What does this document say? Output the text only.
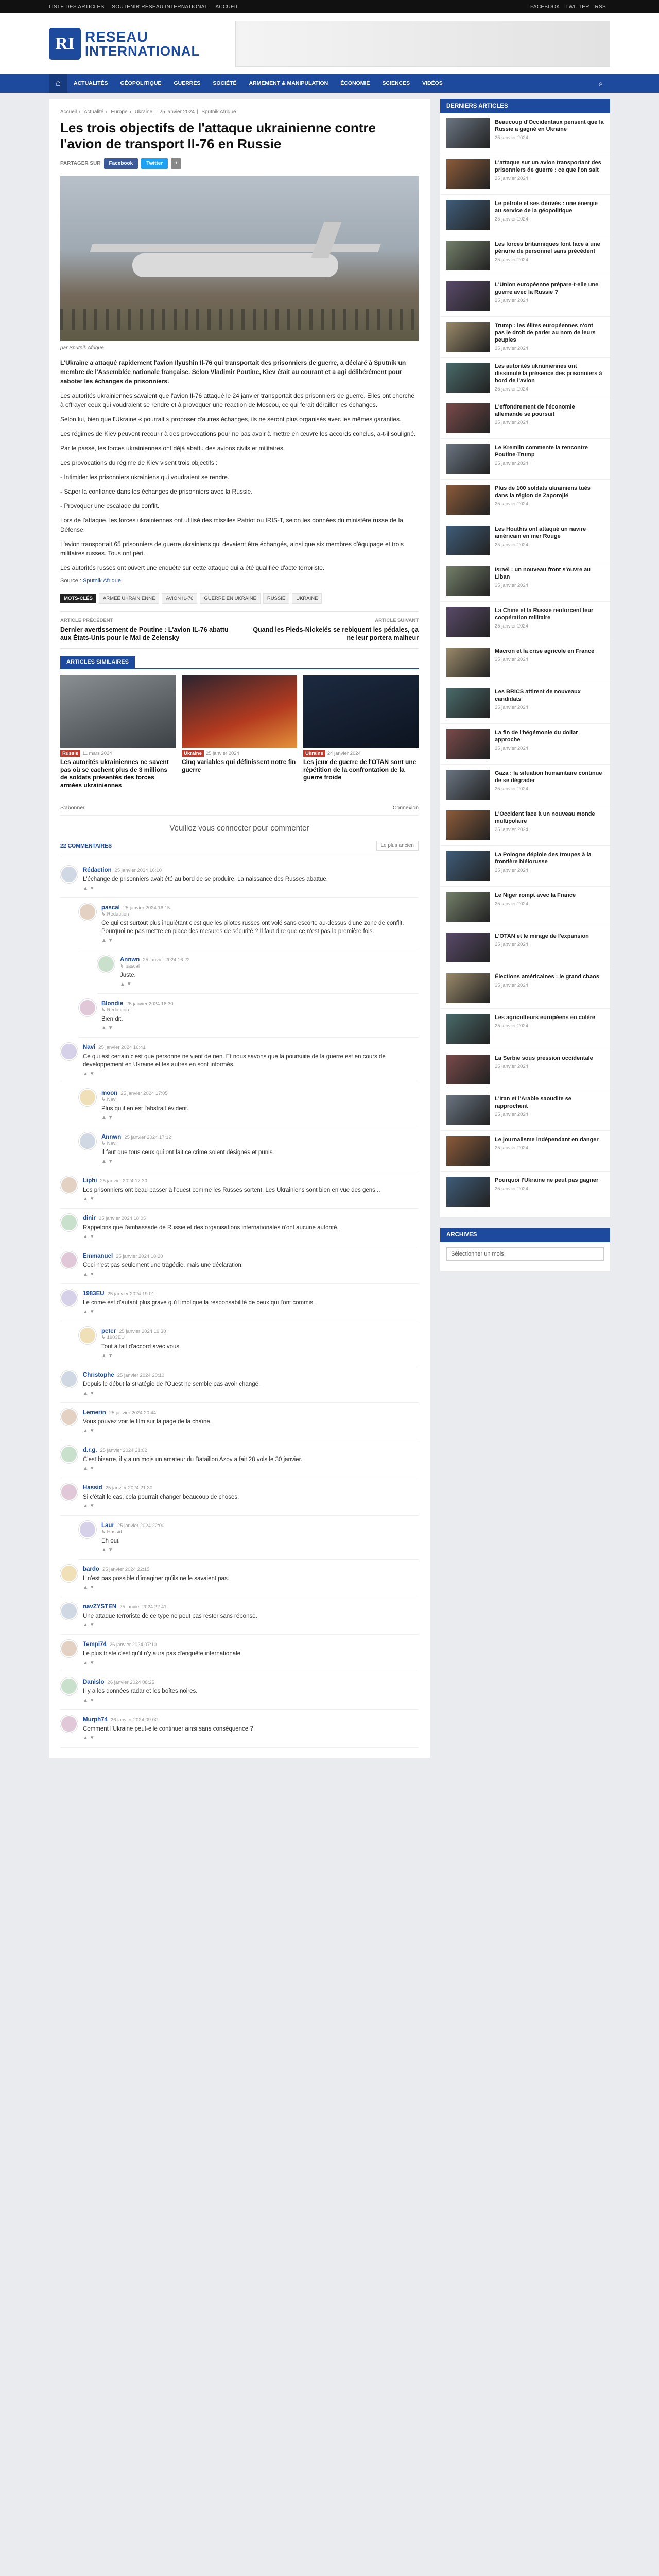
LISTE DES ARTICLES SOUTENIR RÉSEAU INTERNATIONAL ACCUEIL	FACEBOOK TWITTER RSS
RI RESEAU
INTERNATIONAL
⌂	ACTUALITÉS	GÉOPOLITIQUE	GUERRES	SOCIÉTÉ	ARMEMENT & MANIPULATION	ÉCONOMIE	SCIENCES	VIDÉOS	⌕
Accueil › Actualité › Europe › Ukraine | 25 janvier 2024 | Sputnik Afrique
Les trois objectifs de l'attaque ukrainienne contre l'avion de transport Il-76 en Russie
PARTAGER SUR	Facebook	Twitter	+
par Sputnik Afrique

L'Ukraine a attaqué rapidement l'avion Ilyushin Il-76 qui transportait des prisonniers de guerre, a déclaré à Sputnik un membre de l'Assemblée nationale française. Selon Vladimir Poutine, Kiev était au courant et a agi délibérément pour saboter les échanges de prisonniers.

Les autorités ukrainiennes savaient que l'avion Il-76 attaqué le 24 janvier transportait des prisonniers de guerre. Elles ont cherché à effrayer ceux qui voudraient se rendre et à provoquer une réaction de Moscou, ce qui ferait dérailler les échanges.

Selon lui, bien que l'Ukraine « pourrait » proposer d'autres échanges, ils ne seront plus organisés avec les mêmes garanties.

Les régimes de Kiev peuvent recourir à des provocations pour ne pas avoir à mettre en œuvre les accords conclus, a-t-il souligné.

Par le passé, les forces ukrainiennes ont déjà abattu des avions civils et militaires.

Les provocations du régime de Kiev visent trois objectifs :

- Intimider les prisonniers ukrainiens qui voudraient se rendre.

- Saper la confiance dans les échanges de prisonniers avec la Russie.

- Provoquer une escalade du conflit.

Lors de l'attaque, les forces ukrainiennes ont utilisé des missiles Patriot ou IRIS-T, selon les données du ministère russe de la Défense.

L'avion transportait 65 prisonniers de guerre ukrainiens qui devaient être échangés, ainsi que six membres d'équipage et trois militaires russes. Tous ont péri.

Les autorités russes ont ouvert une enquête sur cette attaque qui a été qualifiée d'acte terroriste.

Source : Sputnik Afrique
MOTS-CLÉS	ARMÉE UKRAINIENNE	AVION IL-76	GUERRE EN UKRAINE	RUSSIE	UKRAINE
ARTICLE PRÉCÉDENT
Dernier avertissement de Poutine : L'avion IL-76 abattu aux États-Unis pour le Mal de Zelensky
ARTICLE SUIVANT
Quand les Pieds-Nickelés se rebiquent les pédales, ça ne leur portera malheur
ARTICLES SIMILAIRES
Russie 11 mars 2024
Les autorités ukrainiennes ne savent pas où se cachent plus de 3 millions de soldats présentés des forces armées ukrainiennes
Ukraine 25 janvier 2024
Cinq variables qui définissent notre fin guerre
Ukraine 24 janvier 2024
Les jeux de guerre de l'OTAN sont une répétition de la confrontation de la guerre froide
S'abonner	Connexion
Veuillez vous connecter pour commenter
22 COMMENTAIRES	Le plus ancien
Rédaction 25 janvier 2024 16:10
L'échange de prisonniers avait été au bord de se produire. La naissance des Russes abattue.
▲ ▼
pascal 25 janvier 2024 16:15
↳ Rédaction
Ce qui est surtout plus inquiétant c'est que les pilotes russes ont volé sans escorte au-dessus d'une zone de conflit. Pourquoi ne pas mettre en place des mesures de sécurité ? Il faut dire que ce n'est pas la première fois.
▲ ▼
Annwn 25 janvier 2024 16:22
↳ pascal
Juste.
▲ ▼
Blondie 25 janvier 2024 16:30
↳ Rédaction
Bien dit.
▲ ▼
Navi 25 janvier 2024 16:41
Ce qui est certain c'est que personne ne vient de rien. Et nous savons que la poursuite de la guerre est en cours de développement en Ukraine et les autres en sont informés.
▲ ▼
moon 25 janvier 2024 17:05
↳ Navi
Plus qu'il en est l'abstrait évident.
▲ ▼
Annwn 25 janvier 2024 17:12
↳ Navi
Il faut que tous ceux qui ont fait ce crime soient désignés et punis.
▲ ▼
Liphi 25 janvier 2024 17:30
Les prisonniers ont beau passer à l'ouest comme les Russes sortent. Les Ukrainiens sont bien en vue des gens...
▲ ▼
dinir 25 janvier 2024 18:05
Rappelons que l'ambassade de Russie et des organisations internationales n'ont aucune autorité.
▲ ▼
Emmanuel 25 janvier 2024 18:20
Ceci n'est pas seulement une tragédie, mais une déclaration.
▲ ▼
1983EU 25 janvier 2024 19:01
Le crime est d'autant plus grave qu'il implique la responsabilité de ceux qui l'ont commis.
▲ ▼
peter 25 janvier 2024 19:30
↳ 1983EU
Tout à fait d'accord avec vous.
▲ ▼
Christophe 25 janvier 2024 20:10
Depuis le début la stratégie de l'Ouest ne semble pas avoir changé.
▲ ▼
Lemerin 25 janvier 2024 20:44
Vous pouvez voir le film sur la page de la chaîne.
▲ ▼
d.r.g. 25 janvier 2024 21:02
C'est bizarre, il y a un mois un amateur du Bataillon Azov a fait 28 vols le 30 janvier.
▲ ▼
Hassid 25 janvier 2024 21:30
Si c'était le cas, cela pourrait changer beaucoup de choses.
▲ ▼
Laur 25 janvier 2024 22:00
↳ Hassid
Eh oui.
▲ ▼
bardo 25 janvier 2024 22:15
Il n'est pas possible d'imaginer qu'ils ne le savaient pas.
▲ ▼
navZYSTEN 25 janvier 2024 22:41
Une attaque terroriste de ce type ne peut pas rester sans réponse.
▲ ▼
Tempi74 26 janvier 2024 07:10
Le plus triste c'est qu'il n'y aura pas d'enquête internationale.
▲ ▼
Danislo 26 janvier 2024 08:25
Il y a les données radar et les boîtes noires.
▲ ▼
Murph74 26 janvier 2024 09:02
Comment l'Ukraine peut-elle continuer ainsi sans conséquence ?
▲ ▼
DERNIERS ARTICLES
Beaucoup d'Occidentaux pensent que la Russie a gagné en Ukraine
25 janvier 2024
L'attaque sur un avion transportant des prisonniers de guerre : ce que l'on sait
25 janvier 2024
Le pétrole et ses dérivés : une énergie au service de la géopolitique
25 janvier 2024
Les forces britanniques font face à une pénurie de personnel sans précédent
25 janvier 2024
L'Union européenne prépare-t-elle une guerre avec la Russie ?
25 janvier 2024
Trump : les élites européennes n'ont pas le droit de parler au nom de leurs peuples
25 janvier 2024
Les autorités ukrainiennes ont dissimulé la présence des prisonniers à bord de l'avion
25 janvier 2024
L'effondrement de l'économie allemande se poursuit
25 janvier 2024
Le Kremlin commente la rencontre Poutine-Trump
25 janvier 2024
Plus de 100 soldats ukrainiens tués dans la région de Zaporojié
25 janvier 2024
Les Houthis ont attaqué un navire américain en mer Rouge
25 janvier 2024
Israël : un nouveau front s'ouvre au Liban
25 janvier 2024
La Chine et la Russie renforcent leur coopération militaire
25 janvier 2024
Macron et la crise agricole en France
25 janvier 2024
Les BRICS attirent de nouveaux candidats
25 janvier 2024
La fin de l'hégémonie du dollar approche
25 janvier 2024
Gaza : la situation humanitaire continue de se dégrader
25 janvier 2024
L'Occident face à un nouveau monde multipolaire
25 janvier 2024
La Pologne déploie des troupes à la frontière biélorusse
25 janvier 2024
Le Niger rompt avec la France
25 janvier 2024
L'OTAN et le mirage de l'expansion
25 janvier 2024
Élections américaines : le grand chaos
25 janvier 2024
Les agriculteurs européens en colère
25 janvier 2024
La Serbie sous pression occidentale
25 janvier 2024
L'Iran et l'Arabie saoudite se rapprochent
25 janvier 2024
Le journalisme indépendant en danger
25 janvier 2024
Pourquoi l'Ukraine ne peut pas gagner
25 janvier 2024
ARCHIVES
Sélectionner un mois
